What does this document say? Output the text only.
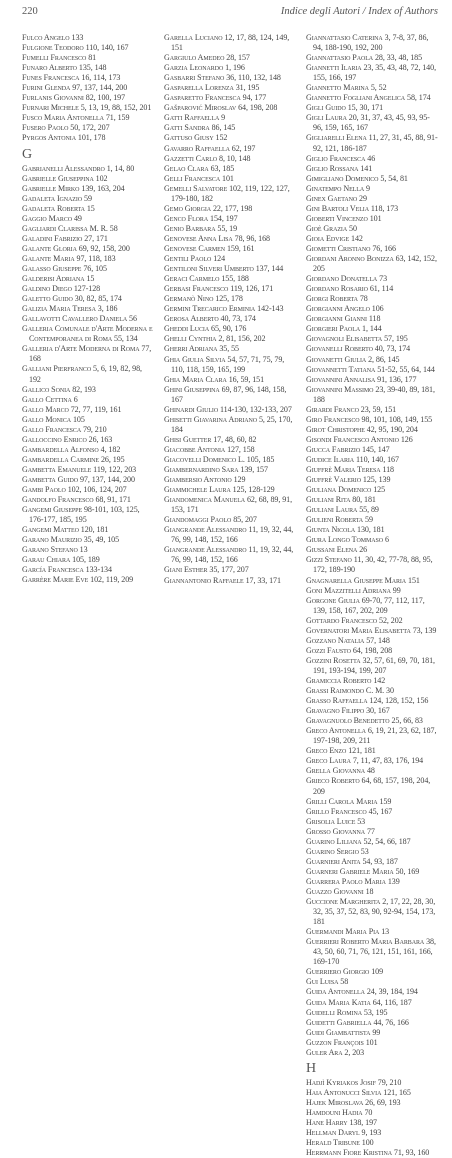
220	Indice degli Autori / Index of Authors
Fulco Angelo 133
Fulgione Teodoro 110, 140, 167
Fumelli Francesco 81
Funaro Alberto 135, 148
Funes Francesca 16, 114, 173
Furini Glenda 97, 137, 144, 200
Furlanis Giovanni 82, 100, 197
Furnari Michele 5, 13, 19, 88, 152, 201
Fusco Maria Antonella 71, 159
Fusero Paolo 50, 172, 207
Pyrgos Antonia 101, 178
G
Gabrianelli Alessandro 1, 14, 80
Gabrielle Giuseppina 102
Gabrielle Mirko 139, 163, 204
Gadaleta Ignazio 59
Gadaleta Roberta 15
Gaggio Marco 49
Gagliardi Clarissa M. R. 58
Galadini Fabrizio 27, 171
Galante Gloria 69, 92, 158, 200
Galante Maria 97, 118, 183
Galasso Giuseppe 76, 105
Galderisi Adriana 15
Galdino Diego 127-128
Galetto Guido 30, 82, 85, 174
Galizia Maria Teresa 3, 186
Gallavotti Cavallero Daniela 56
Galleria Comunale d'Arte Moderna e Contemporanea di Roma 55, 134
Galleria d'Arte Moderna di Roma 77, 168
Galliani Pierfranco 5, 6, 19, 82, 98, 192
Gallico Sonia 82, 193
Gallo Cettina 6
Gallo Marco 72, 77, 119, 161
Gallo Monica 105
Gallo Francesca 79, 210
Galloccino Enrico 26, 163
Gambardella Alfonso 4, 182
Gambardella Carmine 26, 195
Gambetta Emanuele 119, 122, 203
Gambetta Guido 97, 137, 144, 200
Gambi Paolo 102, 106, 124, 207
Gandolfo Francesco 68, 91, 171
Gangemi Giuseppe 98-101, 103, 125, 176-177, 185, 195
Gangemi Matteo 120, 181
Garano Maurizio 35, 49, 105
Garano Stefano 13
Garau Chiara 105, 189
García Francesca 133-134
Garrère Marie Eve 102, 119, 209
Garella Luciano 12, 17, 88, 124, 149, 151
Gargiulo Amedeo 28, 157
Garzia Leonardo 1, 196
Gasbarri Stefano 36, 110, 132, 148
Gasparella Lorenza 31, 195
Gasparetto Francesca 94, 177
Gašparović Miroslav 64, 198, 208
Gatti Raffaella 9
Gatti Sandra 86, 145
Gattuso Giusy 152
Gavarro Raffaella 62, 197
Gazzetti Carlo 8, 10, 148
Gelao Clara 63, 185
Gelli Francesca 101
Gemelli Salvatore 102, 119, 122, 127, 179-180, 182
Gemo Giorgia 22, 177, 198
Genco Flora 154, 197
Genio Barbara 55, 19
Genovese Anna Lisa 78, 96, 168
Genovese Carmen 159, 161
Gentili Paolo 124
Gentiloni Silveri Umberto 137, 144
Geraci Carmelo 155, 188
Gerbasi Francesco 119, 126, 171
Germanò Nino 125, 178
Germini Trecarico Erminia 142-143
Gerosa Alberto 40, 73, 174
Gheddi Lucia 65, 90, 176
Ghelli Cynthia 2, 81, 156, 202
Gherri Adriana 35, 55
Ghia Giulia Silvia 54, 57, 71, 75, 79, 110, 118, 159, 165, 199
Ghia Maria Clara 16, 59, 151
Ghini Giuseppina 69, 87, 96, 148, 158, 167
Ghinardi Giulio 114-130, 132-133, 207
Ghisetti Giavarina Adriano 5, 25, 170, 184
Ghisi Guetter 17, 48, 60, 82
Giacobbe Antonia 127, 158
Giacovelli Domenico L. 105, 185
Giambernardino Sara 139, 157
Giambersio Antonio 129
Giammichele Laura 125, 128-129
Giandomenica Manuela 62, 68, 89, 91, 153, 171
Giandomaggi Paolo 85, 207
Giangrande Alessandro 11, 19, 32, 44, 76, 99, 148, 152, 166
Giangrande Alessandro 11, 19, 32, 44, 76, 99, 148, 152, 166
Giani Esther 35, 177, 207
Giannantonio Raffaele 17, 33, 171
Giannattasio Caterina 3, 7-8, 37, 86, 94, 188-190, 192, 200
Giannattasio Paola 28, 33, 48, 185
Giannetti Ilaria 23, 35, 43, 48, 72, 140, 155, 166, 197
Giannetto Marina 5, 52
Giannetto Fogliani Angelica 58, 174
Gigli Guido 15, 30, 171
Gigli Laura 20, 31, 37, 43, 45, 93, 95-96, 159, 165, 167
Gigliarelli Elena 11, 27, 31, 45, 88, 91-92, 121, 186-187
Giglio Francesca 46
Giglio Rossana 141
Gimigliano Domenico 5, 54, 81
Ginatempo Nella 9
Ginex Gaetano 29
Gini Bartoli Velia 118, 173
Gioberti Vincenzo 101
Gioè Grazia 50
Gioia Edvige 142
Giometti Cristiano 76, 166
Giordani Aronno Bonizza 63, 142, 152, 205
Giordano Donatella 73
Giordano Rosario 61, 114
Giorgi Roberta 78
Giorgianni Angelo 106
Giorgianni Gianni 118
Giorgieri Paola 1, 144
Giovagnoli Elisabetta 57, 195
Giovanelli Roberto 40, 73, 174
Giovanetti Giulia 2, 86, 145
Giovannetti Tatiana 51-52, 55, 64, 144
Giovannini Annalisa 91, 136, 177
Giovannini Massimo 23, 39-40, 89, 181, 188
Girardi Franco 23, 59, 151
Giro Francesco 98, 101, 108, 149, 155
Girot Christophe 42, 95, 190, 204
Gisondi Francesco Antonio 126
Giucca Fabrizio 145, 147
Giudice Ilaria 110, 140, 167
Giuffrè Maria Teresa 118
Giuffrè Valerio 125, 139
Giuliana Domenico 125
Giuliani Rita 80, 181
Giuliani Laura 55, 89
Giulieni Roberta 59
Giunta Nicola 130, 181
Giura Longo Tommaso 6
Giussani Elena 26
Gizzi Stefano 11, 30, 42, 77-78, 88, 95, 172, 189-190
Gnagnarella Giuseppe Maria 151
Goni Mazzitelli Adriana 99
Gorgone Giulia 69-70, 77, 112, 117, 139, 158, 167, 202, 209
Gottardo Francesco 52, 202
Governatori Maria Elisabetta 73, 139
Gozzano Natalia 57, 148
Gozzi Fausto 64, 198, 208
Gozzini Rosetta 32, 57, 61, 69, 70, 181, 191, 193-194, 199, 207
Gramiccia Roberto 142
Grassi Raimondo C. M. 30
Grasso Raffaella 124, 128, 152, 156
Gravagno Filippo 30, 167
Gravagnuolo Benedetto 25, 66, 83
Greco Antonella 6, 19, 21, 23, 62, 187, 197-198, 209, 211
Greco Enzo 121, 181
Greco Laura 7, 11, 47, 83, 176, 194
Grella Giovanna 48
Grieco Roberto 64, 68, 157, 198, 204, 209
Grilli Carola Maria 159
Grillo Francesco 45, 167
Grisolia Luice 53
Grosso Giovanna 77
Guarino Liliana 52, 54, 66, 187
Guarino Sergio 53
Guarnieri Anita 54, 93, 187
Guarneri Gabriele Maria 50, 169
Guarrera Paolo Maria 139
Guazzo Giovanni 18
Guccione Margherita 2, 17, 22, 28, 30, 32, 35, 37, 52, 83, 90, 92-94, 154, 173, 181
Guermandi Maria Pia 13
Guerrieri Roberto Maria Barbara 38, 43, 50, 60, 71, 76, 121, 151, 161, 166, 169-170
Guerriero Giorgio 109
Gui Luisa 58
Guida Antonella 24, 39, 184, 194
Guida Maria Katia 64, 116, 187
Guidelli Romina 53, 195
Guidetti Gabriella 44, 76, 166
Guidi Giambattista 99
Guzzon François 101
Guler Ara 2, 203
H
Hadjì Kyriakos Josif 79, 210
Haia Antonucci Silvia 121, 165
Hajek Miroslava 26, 69, 193
Hamdouni Hadia 70
Hane Harry 138, 197
Hellman Daryl 9, 193
Herald Tribune 100
Herrmann Fiore Kristina 71, 93, 160
